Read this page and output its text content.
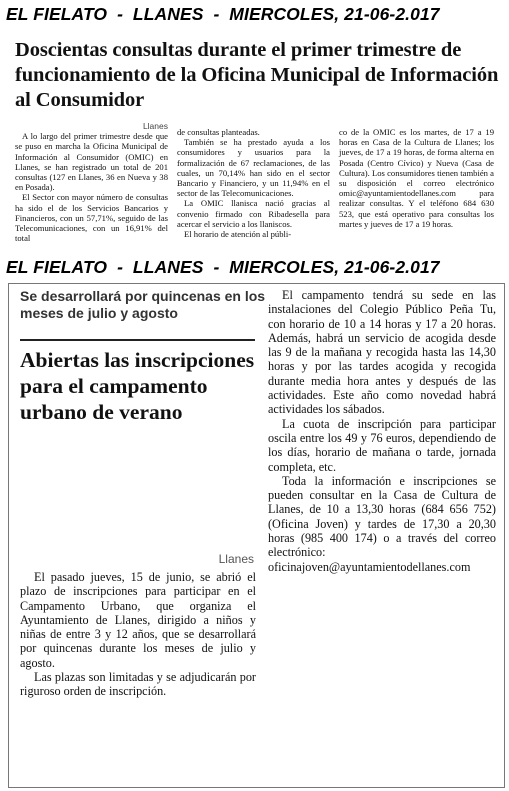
EL FIELATO  -  LLANES  -  MIERCOLES, 21-06-2.017
Doscientas consultas durante el primer trimestre de funcionamiento de la Oficina Municipal de Información al Consumidor
Llanes

A lo largo del primer trimestre desde que se puso en marcha la Oficina Municipal de Información al Consumidor (OMIC) en Llanes, se han registrado un total de 201 consultas (127 en Llanes, 36 en Nueva y 38 en Posada).

El Sector con mayor número de consultas ha sido el de los Servicios Bancarios y Financieros, con un 57,71%, seguido de las Telecomunicaciones, con un 16,91% del total

de consultas planteadas.

También se ha prestado ayuda a los consumidores y usuarios para la formalización de 67 reclamaciones, de las cuales, un 70,14% han sido en el sector Bancario y Financiero, y un 11,94% en el sector de las Telecomunicaciones.

La OMIC llanisca nació gracias al convenio firmado con Ribadesella para acercar el servicio a los llaniscos.

El horario de atención al públi-

co de la OMIC es los martes, de 17 a 19 horas en Casa de la Cultura de Llanes; los jueves, de 17 a 19 horas, de forma alterna en Posada (Centro Cívico) y Nueva (Casa de Cultura). Los consumidores tienen también a su disposición el correo electrónico omic@ayuntamientodellanes.com para realizar consultas. Y el teléfono 684 630 523, que está operativo para consultas los martes y jueves de 17 a 19 horas.

EL FIELATO  -  LLANES  -  MIERCOLES, 21-06-2.017
Se desarrollará por quincenas en los meses de julio y agosto
Abiertas las inscripciones para el campamento urbano de verano
Llanes

El pasado jueves, 15 de junio, se abrió el plazo de inscripciones para participar en el Campamento Urbano, que organiza el Ayuntamiento de Llanes, dirigido a niños y niñas de entre 3 y 12 años, que se desarrollará por quincenas durante los meses de julio y agosto.

Las plazas son limitadas y se adjudicarán por riguroso orden de inscripción.

El campamento tendrá su sede en las instalaciones del Colegio Público Peña Tu, con horario de 10 a 14 horas y 17 a 20 horas. Además, habrá un servicio de acogida desde las 9 de la mañana y recogida hasta las 14,30 horas y por las tardes acogida y recogida durante media hora antes y después de las actividades. Este año como novedad habrá actividades los sábados.

La cuota de inscripción para participar oscila entre los 49 y 76 euros, dependiendo de los días, horario de mañana o tarde, jornada completa, etc.

Toda la información e inscripciones se pueden consultar en la Casa de Cultura de Llanes, de 10 a 13,30 horas (684 656 752) (Oficina Joven) y tardes de 17,30 a 20,30 horas (985 400 174) o a través del correo electrónico: oficinajoven@ayuntamientodellanes.com
